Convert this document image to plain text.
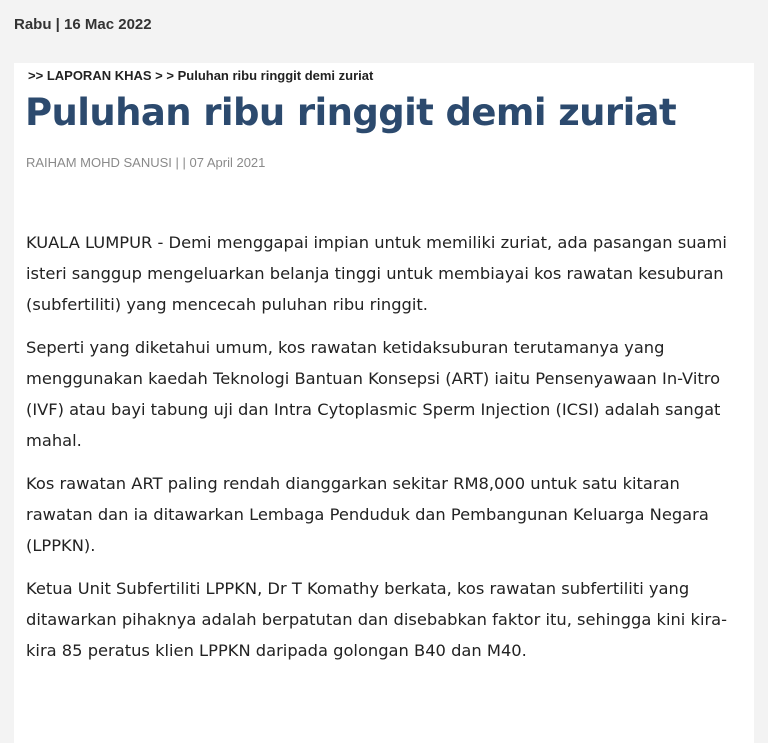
Rabu | 16 Mac 2022
>> LAPORAN KHAS > > Puluhan ribu ringgit demi zuriat
Puluhan ribu ringgit demi zuriat
RAIHAM MOHD SANUSI | | 07 April 2021

KUALA LUMPUR - Demi menggapai impian untuk memiliki zuriat, ada pasangan suami isteri sanggup mengeluarkan belanja tinggi untuk membiayai kos rawatan kesuburan (subfertiliti) yang mencecah puluhan ribu ringgit.

Seperti yang diketahui umum, kos rawatan ketidaksuburan terutamanya yang menggunakan kaedah Teknologi Bantuan Konsepsi (ART) iaitu Pensenyawaan In-Vitro (IVF) atau bayi tabung uji dan Intra Cytoplasmic Sperm Injection (ICSI) adalah sangat mahal.

Kos rawatan ART paling rendah dianggarkan sekitar RM8,000 untuk satu kitaran rawatan dan ia ditawarkan Lembaga Penduduk dan Pembangunan Keluarga Negara (LPPKN).

Ketua Unit Subfertiliti LPPKN, Dr T Komathy berkata, kos rawatan subfertiliti yang ditawarkan pihaknya adalah berpatutan dan disebabkan faktor itu, sehingga kini kira-kira 85 peratus klien LPPKN daripada golongan B40 dan M40.
